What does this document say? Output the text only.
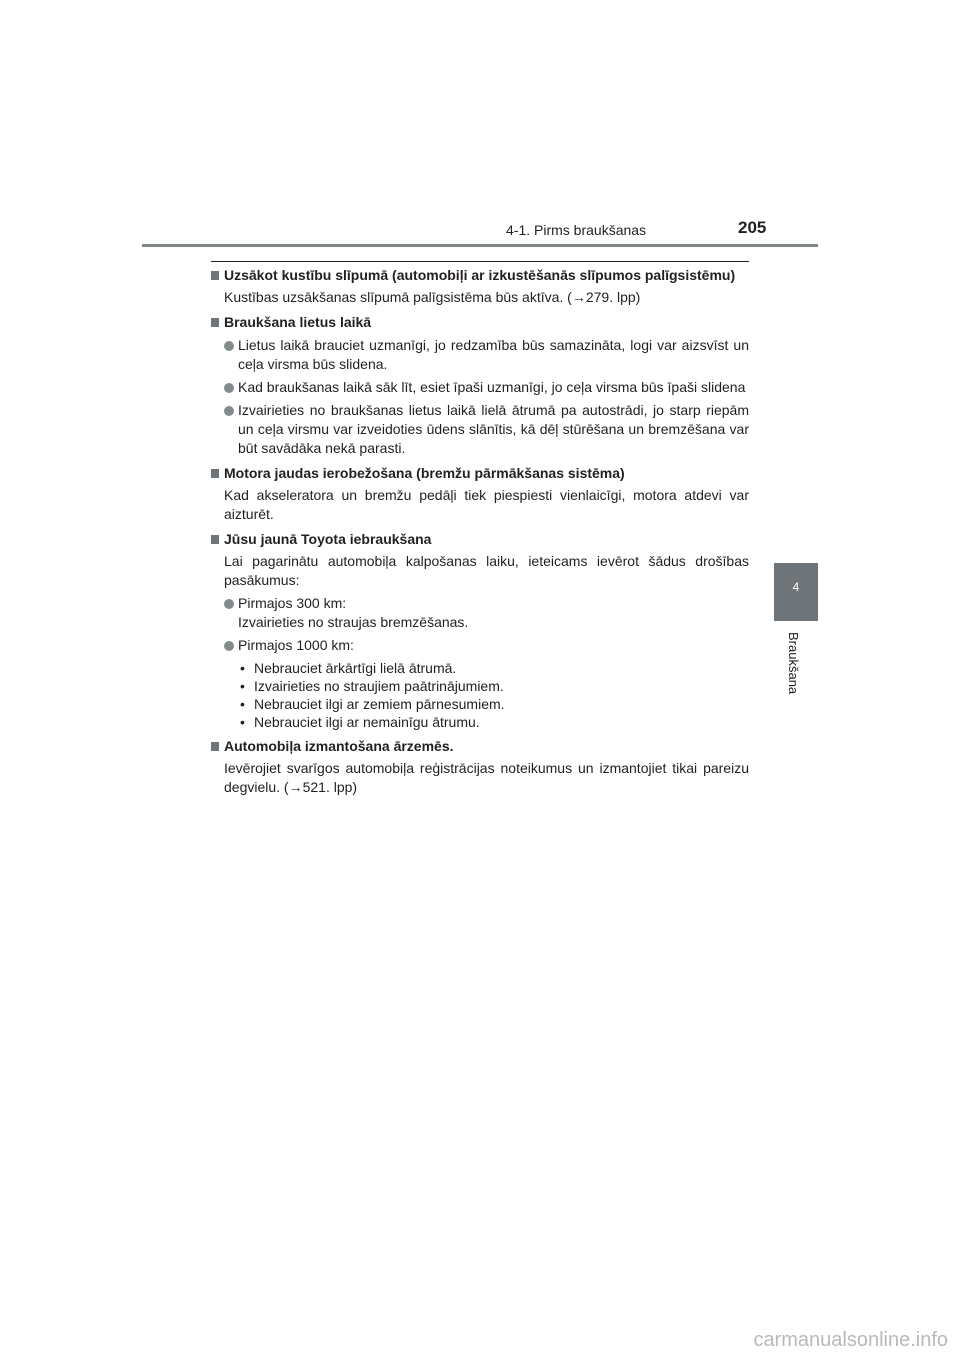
4-1. Pirms braukšanas	205
4
Braukšana
Uzsākot kustību slīpumā (automobiļi ar izkustēšanās slīpumos palīgsistēmu)
Kustības uzsākšanas slīpumā palīgsistēma būs aktīva. (→279. lpp)
Braukšana lietus laikā
Lietus laikā brauciet uzmanīgi, jo redzamība būs samazināta, logi var aizsvīst un ceļa virsma būs slidena.
Kad braukšanas laikā sāk līt, esiet īpaši uzmanīgi, jo ceļa virsma būs īpaši slidena
Izvairieties no braukšanas lietus laikā lielā ātrumā pa autostrādi, jo starp riepām un ceļa virsmu var izveidoties ūdens slānītis, kā dēļ stūrēšana un bremzēšana var būt savādāka nekā parasti.
Motora jaudas ierobežošana (bremžu pārmākšanas sistēma)
Kad akseleratora un bremžu pedāļi tiek piespiesti vienlaicīgi, motora atdevi var aizturēt.
Jūsu jaunā Toyota iebraukšana
Lai pagarinātu automobiļa kalpošanas laiku, ieteicams ievērot šādus drošības pasākumus:
Pirmajos 300 km:
Izvairieties no straujas bremzēšanas.
Pirmajos 1000 km:
• Nebrauciet ārkārtīgi lielā ātrumā.
• Izvairieties no straujiem paātrinājumiem.
• Nebrauciet ilgi ar zemiem pārnesumiem.
• Nebrauciet ilgi ar nemainīgu ātrumu.
Automobiļa izmantošana ārzemēs.
Ievērojiet svarīgos automobiļa reģistrācijas noteikumus un izmantojiet tikai pareizu degvielu. (→521. lpp)
carmanualsonline.info
